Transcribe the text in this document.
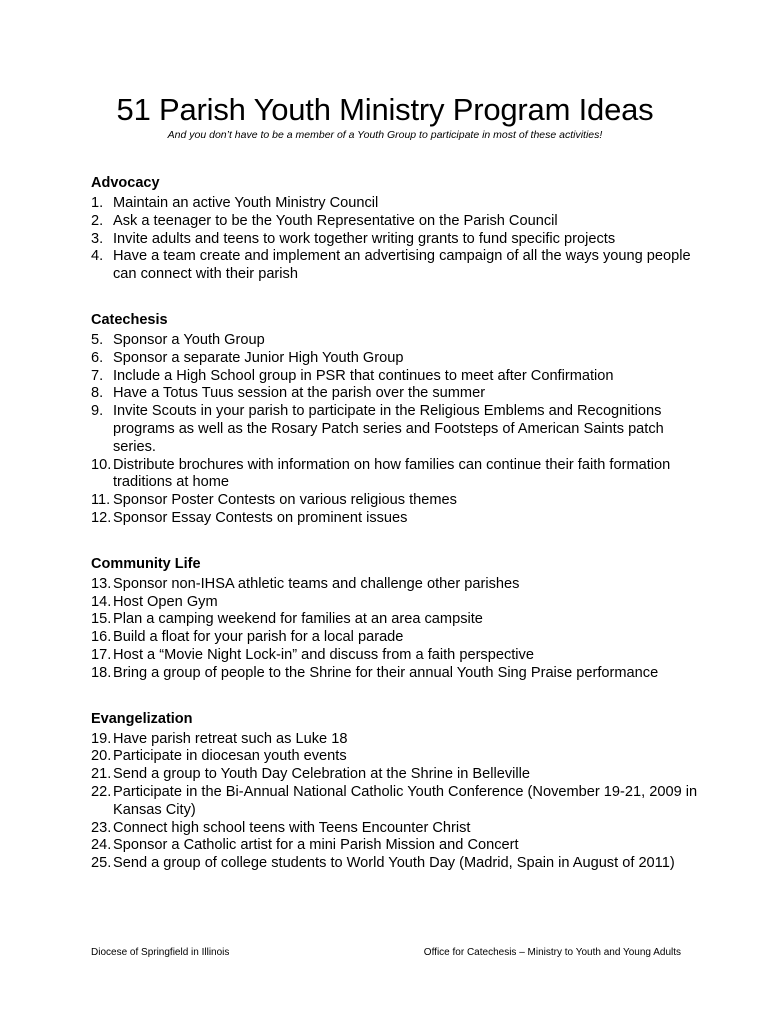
51 Parish Youth Ministry Program Ideas

And you don’t have to be a member of a Youth Group to participate in most of these activities!

Advocacy
1. Maintain an active Youth Ministry Council
2. Ask a teenager to be the Youth Representative on the Parish Council
3. Invite adults and teens to work together writing grants to fund specific projects
4. Have a team create and implement an advertising campaign of all the ways young people can connect with their parish
Catechesis
5. Sponsor a Youth Group
6. Sponsor a separate Junior High Youth Group
7. Include a High School group in PSR that continues to meet after Confirmation
8. Have a Totus Tuus session at the parish over the summer
9. Invite Scouts in your parish to participate in the Religious Emblems and Recognitions programs as well as the Rosary Patch series and Footsteps of American Saints patch series.
10. Distribute brochures with information on how families can continue their faith formation traditions at home
11. Sponsor Poster Contests on various religious themes
12. Sponsor Essay Contests on prominent issues
Community Life
13. Sponsor non-IHSA athletic teams and challenge other parishes
14. Host Open Gym
15. Plan a camping weekend for families at an area campsite
16. Build a float for your parish for a local parade
17. Host a “Movie Night Lock-in” and discuss from a faith perspective
18. Bring a group of people to the Shrine for their annual Youth Sing Praise performance
Evangelization
19. Have parish retreat such as Luke 18
20. Participate in diocesan youth events
21. Send a group to Youth Day Celebration at the Shrine in Belleville
22. Participate in the Bi-Annual National Catholic Youth Conference (November 19-21, 2009 in Kansas City)
23. Connect high school teens with Teens Encounter Christ
24. Sponsor a Catholic artist for a mini Parish Mission and Concert
25. Send a group of college students to World Youth Day (Madrid, Spain in August of 2011)
Diocese of Springfield in Illinois	Office for Catechesis – Ministry to Youth and Young Adults
